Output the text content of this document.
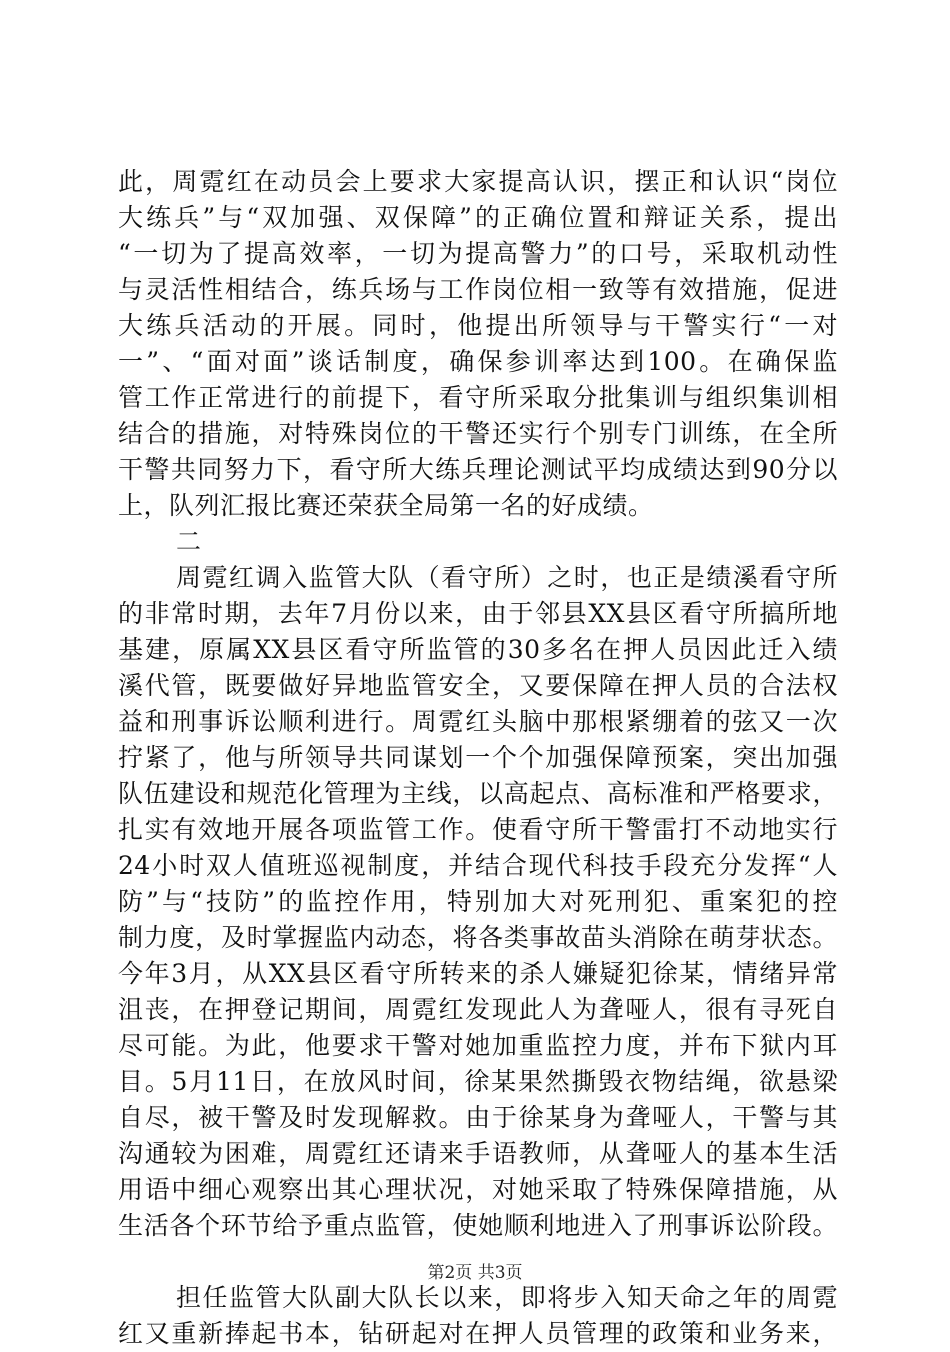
此，周霓红在动员会上要求大家提高认识，摆正和认识“岗位
大练兵”与“双加强、双保障”的正确位置和辩证关系，提出
“一切为了提高效率，一切为提高警力”的口号，采取机动性
与灵活性相结合，练兵场与工作岗位相一致等有效措施，促进
大练兵活动的开展。同时，他提出所领导与干警实行“一对
一”、“面对面”谈话制度，确保参训率达到100。在确保监
管工作正常进行的前提下，看守所采取分批集训与组织集训相
结合的措施，对特殊岗位的干警还实行个别专门训练，在全所
干警共同努力下，看守所大练兵理论测试平均成绩达到90分以
上，队列汇报比赛还荣获全局第一名的好成绩。
二
周霓红调入监管大队（看守所）之时，也正是绩溪看守所
的非常时期，去年7月份以来，由于邻县XX县区看守所搞所地
基建，原属XX县区看守所监管的30多名在押人员因此迁入绩
溪代管，既要做好异地监管安全，又要保障在押人员的合法权
益和刑事诉讼顺利进行。周霓红头脑中那根紧绷着的弦又一次
拧紧了，他与所领导共同谋划一个个加强保障预案，突出加强
队伍建设和规范化管理为主线，以高起点、高标准和严格要求，
扎实有效地开展各项监管工作。使看守所干警雷打不动地实行
24小时双人值班巡视制度，并结合现代科技手段充分发挥“人
防”与“技防”的监控作用，特别加大对死刑犯、重案犯的控
制力度，及时掌握监内动态，将各类事故苗头消除在萌芽状态。
今年3月，从XX县区看守所转来的杀人嫌疑犯徐某，情绪异常
沮丧，在押登记期间，周霓红发现此人为聋哑人，很有寻死自
尽可能。为此，他要求干警对她加重监控力度，并布下狱内耳
目。5月11日，在放风时间，徐某果然撕毁衣物结绳，欲悬梁
自尽，被干警及时发现解救。由于徐某身为聋哑人，干警与其
沟通较为困难，周霓红还请来手语教师，从聋哑人的基本生活
用语中细心观察出其心理状况，对她采取了特殊保障措施，从
生活各个环节给予重点监管，使她顺利地进入了刑事诉讼阶段。
担任监管大队副大队长以来，即将步入知天命之年的周霓
红又重新捧起书本，钻研起对在押人员管理的政策和业务来，
第2页 共3页
